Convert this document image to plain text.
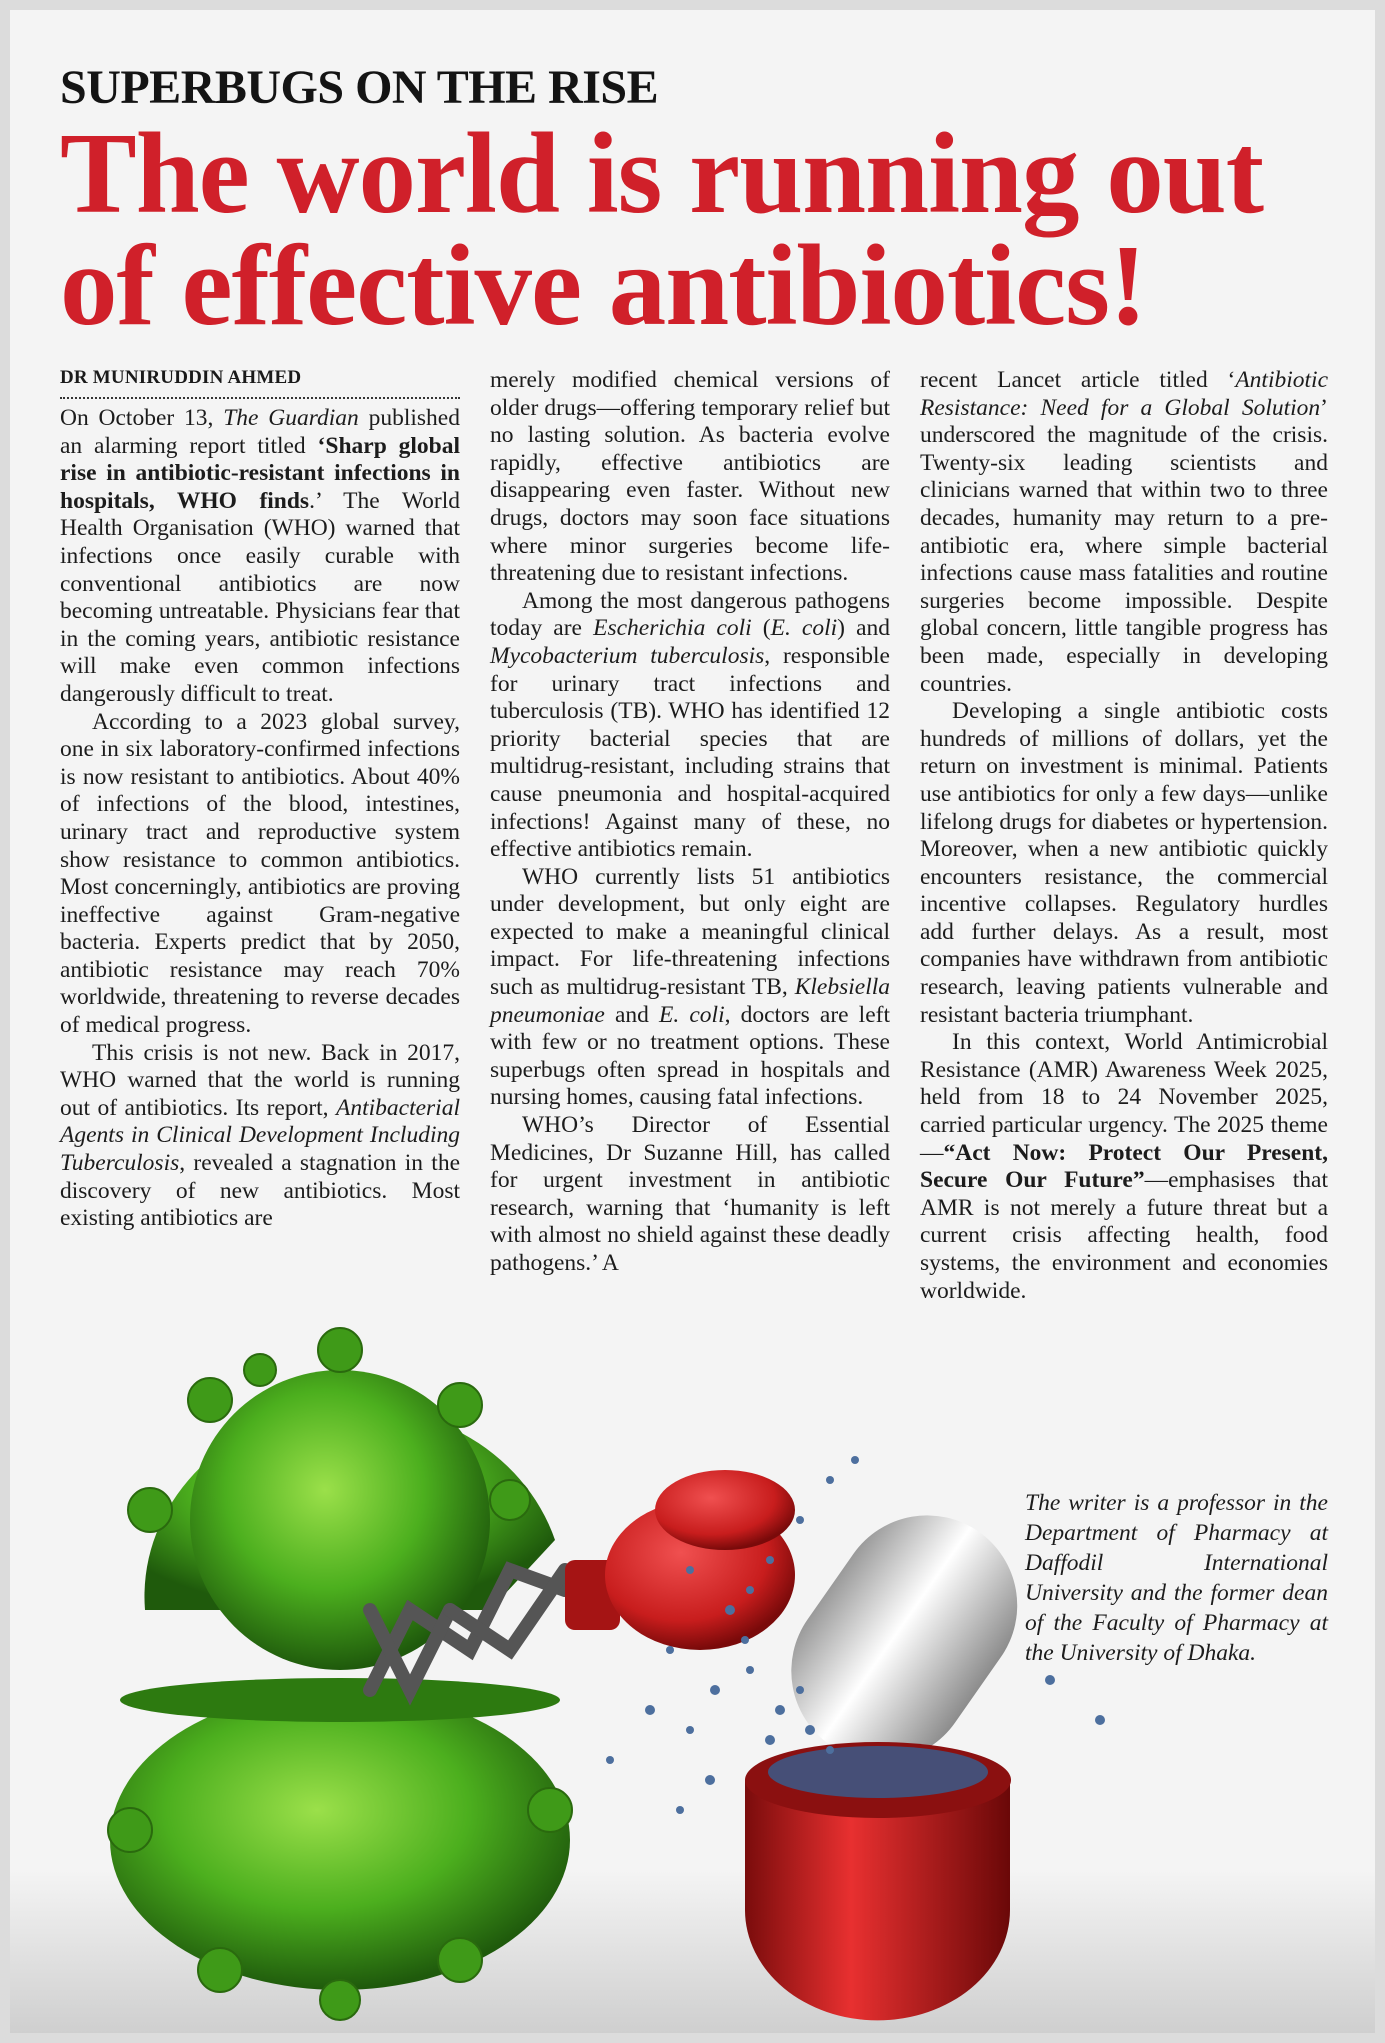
SUPERBUGS ON THE RISE
The world is running out of effective antibiotics!
DR MUNIRUDDIN AHMED

On October 13, The Guardian published an alarming report titled ‘Sharp global rise in antibiotic-resistant infections in hospitals, WHO finds.’ The World Health Organisation (WHO) warned that infections once easily curable with conventional antibiotics are now becoming untreatable. Physicians fear that in the coming years, antibiotic resistance will make even common infections dangerously difficult to treat.

According to a 2023 global survey, one in six laboratory-confirmed infections is now resistant to antibiotics. About 40% of infections of the blood, intestines, urinary tract and reproductive system show resistance to common antibiotics. Most concerningly, antibiotics are proving ineffective against Gram-negative bacteria. Experts predict that by 2050, antibiotic resistance may reach 70% worldwide, threatening to reverse decades of medical progress.

This crisis is not new. Back in 2017, WHO warned that the world is running out of antibiotics. Its report, Antibacterial Agents in Clinical Development Including Tuberculosis, revealed a stagnation in the discovery of new antibiotics. Most existing antibiotics are

merely modified chemical versions of older drugs—offering temporary relief but no lasting solution. As bacteria evolve rapidly, effective antibiotics are disappearing even faster. Without new drugs, doctors may soon face situations where minor surgeries become life-threatening due to resistant infections.

Among the most dangerous pathogens today are Escherichia coli (E. coli) and Mycobacterium tuberculosis, responsible for urinary tract infections and tuberculosis (TB). WHO has identified 12 priority bacterial species that are multidrug-resistant, including strains that cause pneumonia and hospital-acquired infections! Against many of these, no effective antibiotics remain.

WHO currently lists 51 antibiotics under development, but only eight are expected to make a meaningful clinical impact. For life-threatening infections such as multidrug-resistant TB, Klebsiella pneumoniae and E. coli, doctors are left with few or no treatment options. These superbugs often spread in hospitals and nursing homes, causing fatal infections.

WHO’s Director of Essential Medicines, Dr Suzanne Hill, has called for urgent investment in antibiotic research, warning that ‘humanity is left with almost no shield against these deadly pathogens.’ A

recent Lancet article titled ‘Antibiotic Resistance: Need for a Global Solution’ underscored the magnitude of the crisis. Twenty-six leading scientists and clinicians warned that within two to three decades, humanity may return to a pre-antibiotic era, where simple bacterial infections cause mass fatalities and routine surgeries become impossible. Despite global concern, little tangible progress has been made, especially in developing countries.

Developing a single antibiotic costs hundreds of millions of dollars, yet the return on investment is minimal. Patients use antibiotics for only a few days—unlike lifelong drugs for diabetes or hypertension. Moreover, when a new antibiotic quickly encounters resistance, the commercial incentive collapses. Regulatory hurdles add further delays. As a result, most companies have withdrawn from antibiotic research, leaving patients vulnerable and resistant bacteria triumphant.

In this context, World Antimicrobial Resistance (AMR) Awareness Week 2025, held from 18 to 24 November 2025, carried particular urgency. The 2025 theme—“Act Now: Protect Our Present, Secure Our Future”—emphasises that AMR is not merely a future threat but a current crisis affecting health, food systems, the environment and economies worldwide.

The writer is a professor in the Department of Pharmacy at Daffodil International University and the former dean of the Faculty of Pharmacy at the University of Dhaka.
